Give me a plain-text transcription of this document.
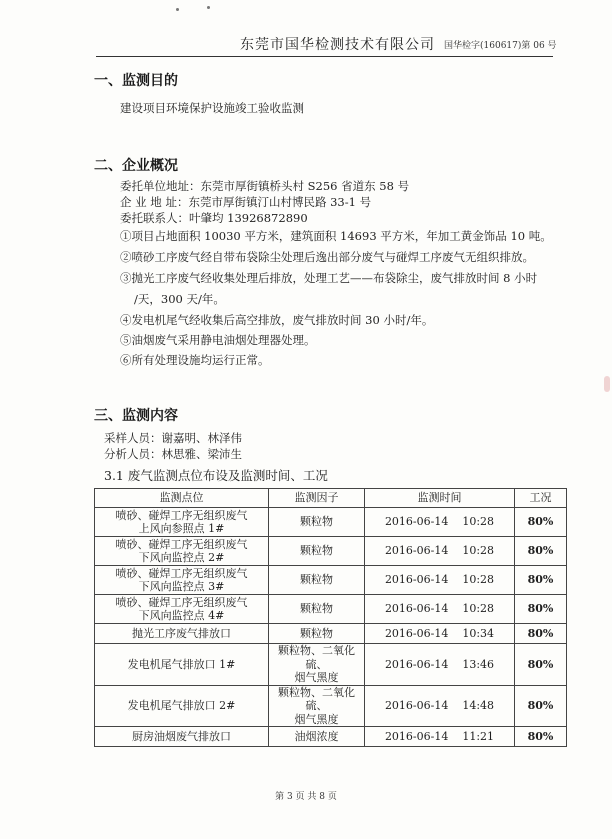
东莞市国华检测技术有限公司 国华检字(160617)第 06 号
一、监测目的
建设项目环境保护设施竣工验收监测
二、企业概况
委托单位地址：东莞市厚街镇桥头村 S256 省道东 58 号
企 业 地 址：东莞市厚街镇汀山村博民路 33-1 号
委托联系人：叶肇均 13926872890
①项目占地面积 10030 平方米，建筑面积 14693 平方米，年加工黄金饰品 10 吨。
②喷砂工序废气经自带布袋除尘处理后逸出部分废气与碰焊工序废气无组织排放。
③抛光工序废气经收集处理后排放，处理工艺——布袋除尘，废气排放时间 8 小时
/天，300 天/年。
④发电机尾气经收集后高空排放，废气排放时间 30 小时/年。
⑤油烟废气采用静电油烟处理器处理。
⑥所有处理设施均运行正常。
三、监测内容
采样人员：谢嘉明、林泽伟
分析人员：林思雅、梁沛生
3.1 废气监测点位布设及监测时间、工况
监测点位	监测因子	监测时间	工况
喷砂、碰焊工序无组织废气
上风向参照点 1#	颗粒物	2016-06-14    10:28	80%
喷砂、碰焊工序无组织废气
下风向监控点 2#	颗粒物	2016-06-14    10:28	80%
喷砂、碰焊工序无组织废气
下风向监控点 3#	颗粒物	2016-06-14    10:28	80%
喷砂、碰焊工序无组织废气
下风向监控点 4#	颗粒物	2016-06-14    10:28	80%
抛光工序废气排放口	颗粒物	2016-06-14    10:34	80%
发电机尾气排放口 1#	颗粒物、二氧化硫、
烟气黑度	2016-06-14    13:46	80%
发电机尾气排放口 2#	颗粒物、二氧化硫、
烟气黑度	2016-06-14    14:48	80%
厨房油烟废气排放口	油烟浓度	2016-06-14    11:21	80%
第 3 页 共 8 页
